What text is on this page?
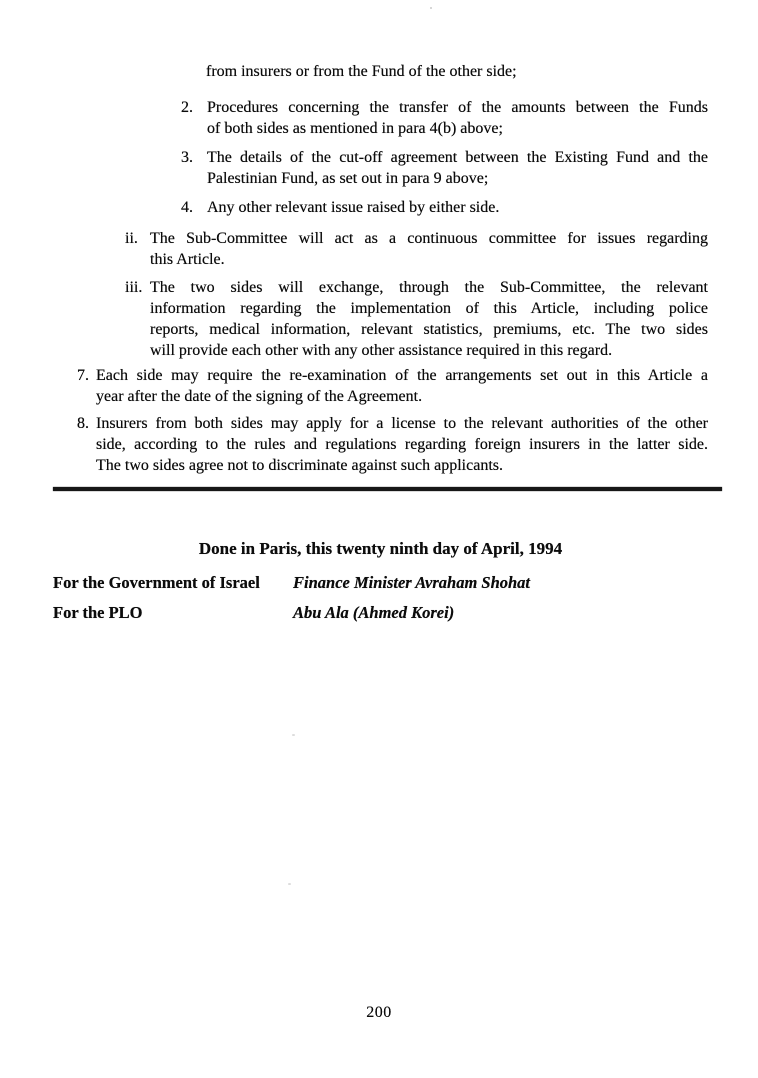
from insurers or from the Fund of the other side;
2. Procedures concerning the transfer of the amounts between the Funds
of both sides as mentioned in para 4(b) above;
3. The details of the cut-off agreement between the Existing Fund and the
Palestinian Fund, as set out in para 9 above;
4. Any other relevant issue raised by either side.
ii. The Sub-Committee will act as a continuous committee for issues regarding
this Article.
iii. The two sides will exchange, through the Sub-Committee, the relevant
information regarding the implementation of this Article, including police
reports, medical information, relevant statistics, premiums, etc. The two sides
will provide each other with any other assistance required in this regard.
7. Each side may require the re-examination of the arrangements set out in this Article a
year after the date of the signing of the Agreement.
8. Insurers from both sides may apply for a license to the relevant authorities of the other
side, according to the rules and regulations regarding foreign insurers in the latter side.
The two sides agree not to discriminate against such applicants.
Done in Paris, this twenty ninth day of April, 1994
For the Government of Israel	Finance Minister Avraham Shohat
For the PLO	Abu Ala (Ahmed Korei)
200
